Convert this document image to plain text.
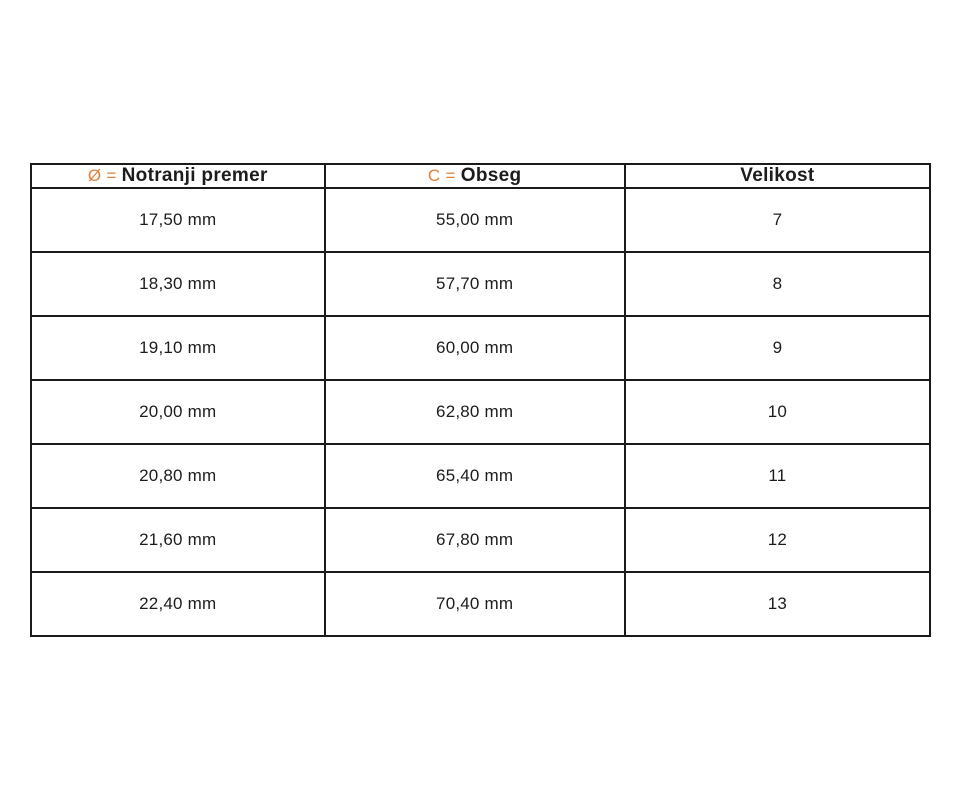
Ø = Notranji premer	C = Obseg	Velikost
17,50 mm	55,00 mm	7
18,30 mm	57,70 mm	8
19,10 mm	60,00 mm	9
20,00 mm	62,80 mm	10
20,80 mm	65,40 mm	11
21,60 mm	67,80 mm	12
22,40 mm	70,40 mm	13
